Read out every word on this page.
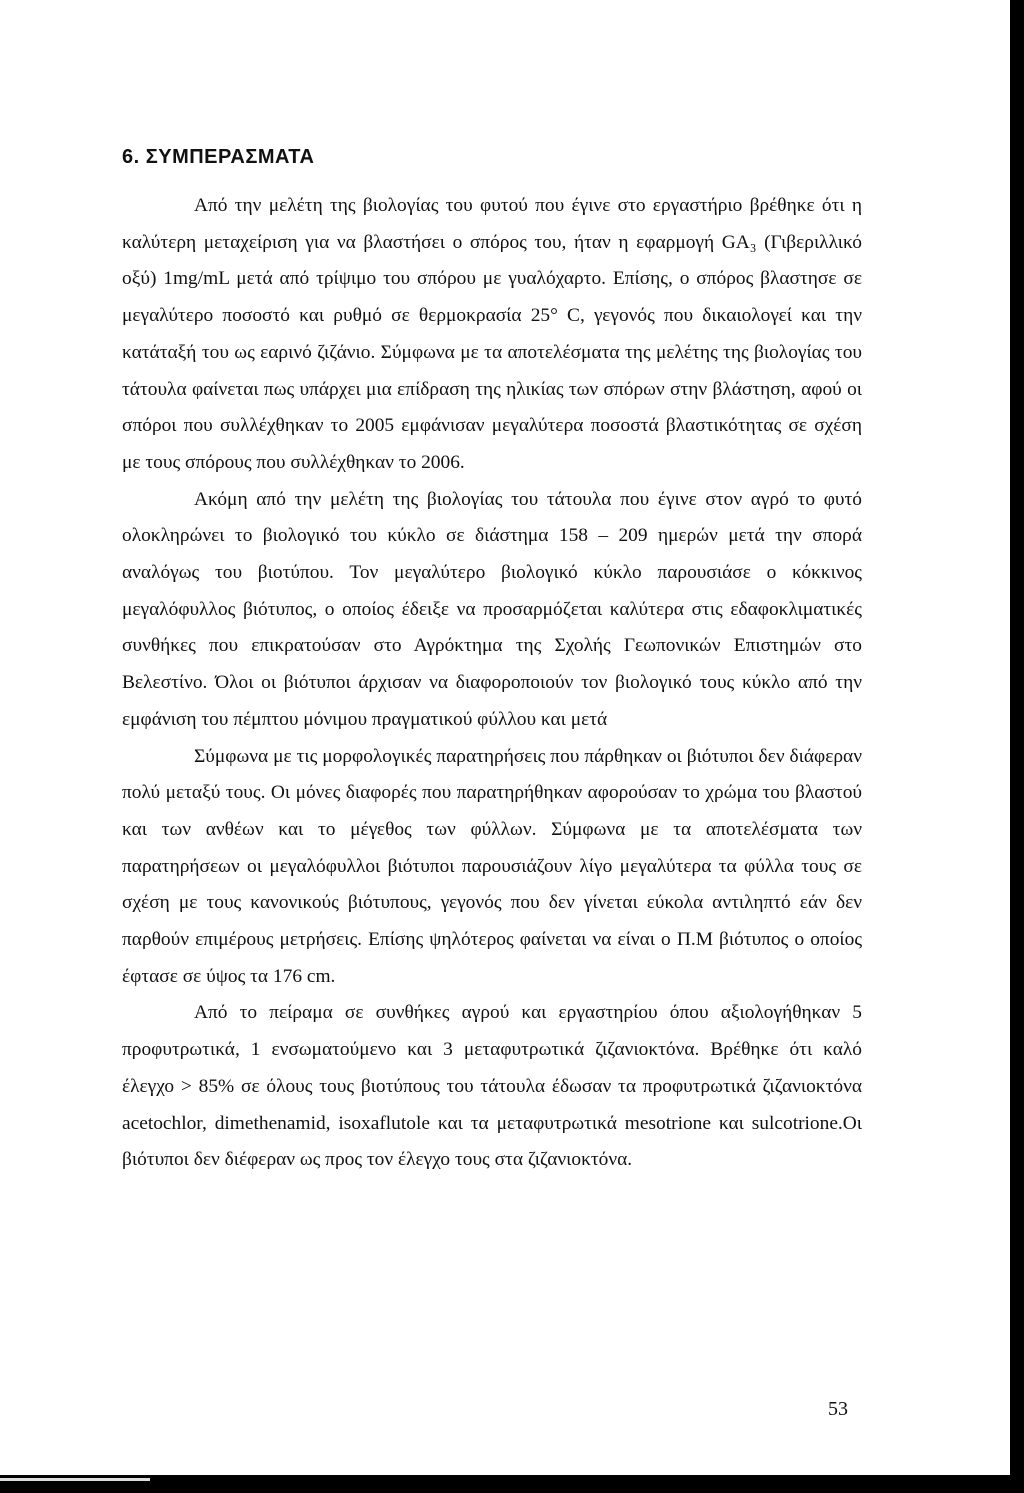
6. ΣΥΜΠΕΡΑΣΜΑΤΑ

Από την μελέτη της βιολογίας του φυτού που έγινε στο εργαστήριο βρέθηκε ότι η καλύτερη μεταχείριση για να βλαστήσει ο σπόρος του, ήταν η εφαρμογή GA₃ (Γιβεριλλικό οξύ) 1mg/mL μετά από τρίψιμο του σπόρου με γυαλόχαρτο. Επίσης, ο σπόρος βλαστησε σε μεγαλύτερο ποσοστό και ρυθμό σε θερμοκρασία 25° C, γεγονός που δικαιολογεί και την κατάταξή του ως εαρινό ζιζάνιο. Σύμφωνα με τα αποτελέσματα της μελέτης της βιολογίας του τάτουλα φαίνεται πως υπάρχει μια επίδραση της ηλικίας των σπόρων στην βλάστηση, αφού οι σπόροι που συλλέχθηκαν το 2005 εμφάνισαν μεγαλύτερα ποσοστά βλαστικότητας σε σχέση με τους σπόρους που συλλέχθηκαν το 2006.

Ακόμη από την μελέτη της βιολογίας του τάτουλα που έγινε στον αγρό το φυτό ολοκληρώνει το βιολογικό του κύκλο σε διάστημα 158 – 209 ημερών μετά την σπορά αναλόγως του βιοτύπου. Τον μεγαλύτερο βιολογικό κύκλο παρουσιάσε ο κόκκινος μεγαλόφυλλος βιότυπος, ο οποίος έδειξε να προσαρμόζεται καλύτερα στις εδαφοκλιματικές συνθήκες που επικρατούσαν στο Αγρόκτημα της Σχολής Γεωπονικών Επιστημών στο Βελεστίνο. Όλοι οι βιότυποι άρχισαν να διαφοροποιούν τον βιολογικό τους κύκλο από την εμφάνιση του πέμπτου μόνιμου πραγματικού φύλλου και μετά

Σύμφωνα με τις μορφολογικές παρατηρήσεις που πάρθηκαν οι βιότυποι δεν διάφεραν πολύ μεταξύ τους. Οι μόνες διαφορές που παρατηρήθηκαν αφορούσαν το χρώμα του βλαστού και των ανθέων και το μέγεθος των φύλλων. Σύμφωνα με τα αποτελέσματα των παρατηρήσεων οι μεγαλόφυλλοι βιότυποι παρουσιάζουν λίγο μεγαλύτερα τα φύλλα τους σε σχέση με τους κανονικούς βιότυπους, γεγονός που δεν γίνεται εύκολα αντιληπτό εάν δεν παρθούν επιμέρους μετρήσεις. Επίσης ψηλότερος φαίνεται να είναι ο Π.Μ βιότυπος ο οποίος έφτασε σε ύψος τα 176 cm.

Από το πείραμα σε συνθήκες αγρού και εργαστηρίου όπου αξιολογήθηκαν 5 προφυτρωτικά, 1 ενσωματούμενο και 3 μεταφυτρωτικά ζιζανιοκτόνα. Βρέθηκε ότι καλό έλεγχο > 85% σε όλους τους βιοτύπους του τάτουλα έδωσαν τα προφυτρωτικά ζιζανιοκτόνα acetochlor, dimethenamid, isoxaflutole και τα μεταφυτρωτικά mesotrione και sulcotrione.Οι βιότυποι δεν διέφεραν ως προς τον έλεγχο τους στα ζιζανιοκτόνα.

53
